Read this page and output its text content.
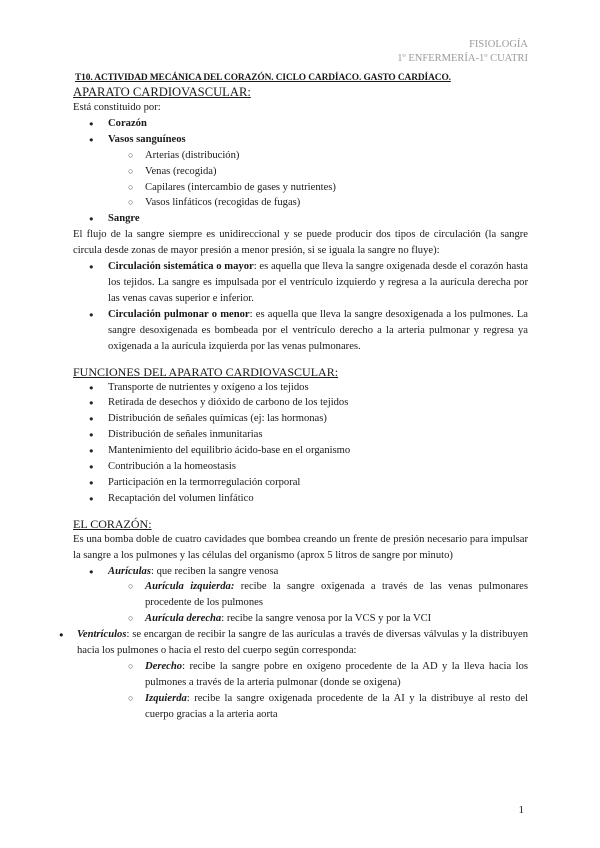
FISIOLOGÍA
1º ENFERMERÍA-1º CUATRI
T10. ACTIVIDAD MECÁNICA DEL CORAZÓN. CICLO CARDÍACO. GASTO CARDÍACO.
APARATO CARDIOVASCULAR:
Está constituido por:
● Corazón
● Vasos sanguíneos
○ Arterias (distribución)
○ Venas (recogida)
○ Capilares (intercambio de gases y nutrientes)
○ Vasos linfáticos (recogidas de fugas)
● Sangre
El flujo de la sangre siempre es unidireccional y se puede producir dos tipos de circulación (la sangre circula desde zonas de mayor presión a menor presión, si se iguala la sangre no fluye):
● Circulación sistemática o mayor: es aquella que lleva la sangre oxigenada desde el corazón hasta los tejidos. La sangre es impulsada por el ventrículo izquierdo y regresa a la aurícula derecha por las venas cavas superior e inferior.
● Circulación pulmonar o menor: es aquella que lleva la sangre desoxigenada a los pulmones. La sangre desoxigenada es bombeada por el ventrículo derecho a la arteria pulmonar y regresa ya oxigenada a la aurícula izquierda por las venas pulmonares.
FUNCIONES DEL APARATO CARDIOVASCULAR:
● Transporte de nutrientes y oxígeno a los tejidos
● Retirada de desechos y dióxido de carbono de los tejidos
● Distribución de señales químicas (ej: las hormonas)
● Distribución de señales inmunitarias
● Mantenimiento del equilibrio ácido-base en el organismo
● Contribución a la homeostasis
● Participación en la termorregulación corporal
● Recaptación del volumen linfático
EL CORAZÓN:
Es una bomba doble de cuatro cavidades que bombea creando un frente de presión necesario para impulsar la sangre a los pulmones y las células del organismo (aprox 5 litros de sangre por minuto)
● Aurículas: que reciben la sangre venosa
○ Aurícula izquierda: recibe la sangre oxigenada a través de las venas pulmonares procedente de los pulmones
○ Aurícula derecha: recibe la sangre venosa por la VCS y por la VCI
● Ventrículos: se encargan de recibir la sangre de las aurículas a través de diversas válvulas y la distribuyen hacia los pulmones o hacia el resto del cuerpo según corresponda:
○ Derecho: recibe la sangre pobre en oxígeno procedente de la AD y la lleva hacia los pulmones a través de la arteria pulmonar (donde se oxigena)
○ Izquierda: recibe la sangre oxigenada procedente de la AI y la distribuye al resto del cuerpo gracias a la arteria aorta
1
